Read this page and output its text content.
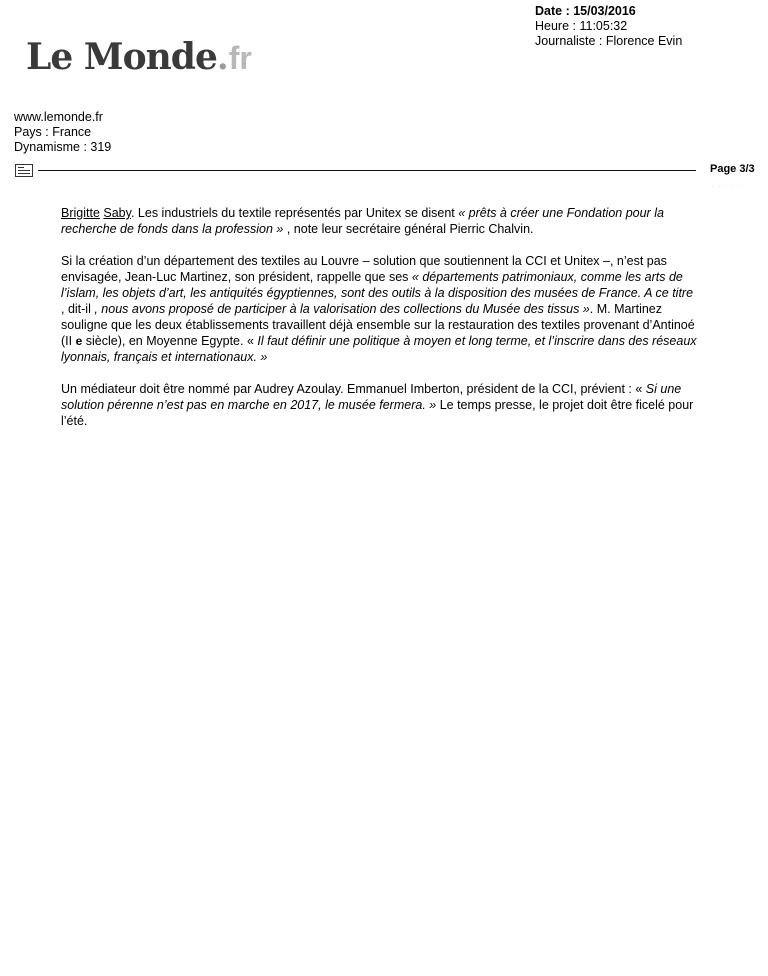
Le Monde . fr
Date : 15/03/2016
Heure : 11:05:32
Journaliste : Florence Evin
www.lemonde.fr
Pays : France
Dynamisme : 319
Page 3/3
· · · · ·

Brigitte Saby. Les industriels du textile représentés par Unitex se disent « prêts à créer une Fondation pour la recherche de fonds dans la profession » , note leur secrétaire général Pierric Chalvin.

Si la création d’un département des textiles au Louvre – solution que soutiennent la CCI et Unitex –, n’est pas envisagée, Jean-Luc Martinez, son président, rappelle que ses « départements patrimoniaux, comme les arts de l’islam, les objets d’art, les antiquités égyptiennes, sont des outils à la disposition des musées de France. A ce titre , dit-il , nous avons proposé de participer à la valorisation des collections du Musée des tissus ». M. Martinez souligne que les deux établissements travaillent déjà ensemble sur la restauration des textiles provenant d’Antinoé (II e siècle), en Moyenne Egypte. « Il faut définir une politique à moyen et long terme, et l’inscrire dans des réseaux lyonnais, français et internationaux. »

Un médiateur doit être nommé par Audrey Azoulay. Emmanuel Imberton, président de la CCI, prévient : « Si une solution pérenne n’est pas en marche en 2017, le musée fermera. » Le temps presse, le projet doit être ficelé pour l’été.
